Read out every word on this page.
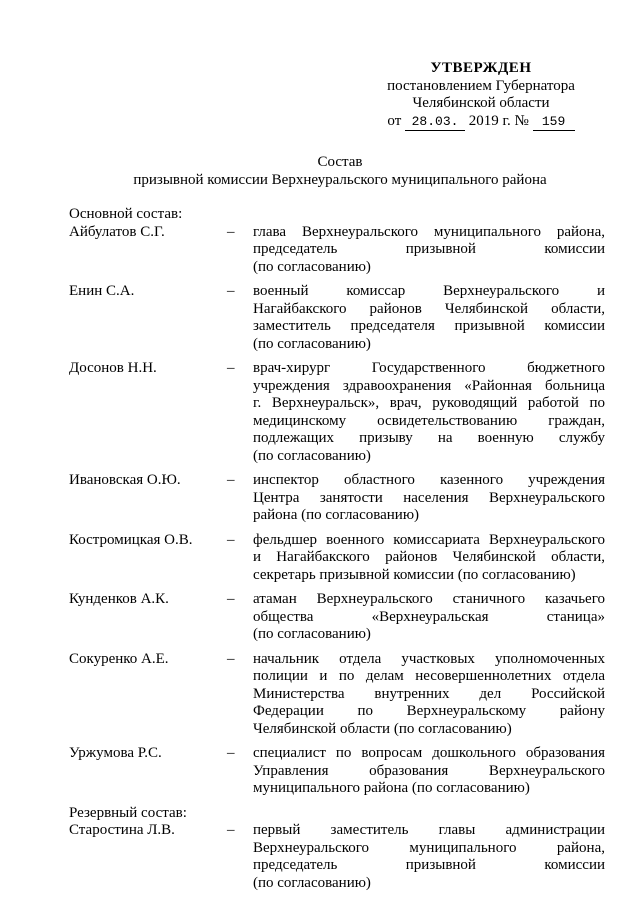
УТВЕРЖДЕН
постановлением Губернатора
Челябинской области
от 28.03. 2019 г. № 159
Состав
призывной комиссии Верхнеуральского муниципального района
Основной состав:
Айбулатов С.Г.	–	глава Верхнеуральского муниципального района,
председатель призывной комиссии
(по согласованию)
Енин С.А.	–	военный комиссар Верхнеуральского и
Нагайбакского районов Челябинской области,
заместитель председателя призывной комиссии
(по согласованию)
Досонов Н.Н.	–	врач-хирург Государственного бюджетного
учреждения здравоохранения «Районная больница
г. Верхнеуральск», врач, руководящий работой по
медицинскому освидетельствованию граждан,
подлежащих призыву на военную службу
(по согласованию)
Ивановская О.Ю.	–	инспектор областного казенного учреждения
Центра занятости населения Верхнеуральского
района (по согласованию)
Костромицкая О.В.	–	фельдшер военного комиссариата Верхнеуральского
и Нагайбакского районов Челябинской области,
секретарь призывной комиссии (по согласованию)
Кунденков А.К.	–	атаман Верхнеуральского станичного казачьего
общества «Верхнеуральская станица»
(по согласованию)
Сокуренко А.Е.	–	начальник отдела участковых уполномоченных
полиции и по делам несовершеннолетних отдела
Министерства внутренних дел Российской
Федерации по Верхнеуральскому району
Челябинской области (по согласованию)
Уржумова Р.С.	–	специалист по вопросам дошкольного образования
Управления образования Верхнеуральского
муниципального района (по согласованию)
Резервный состав:
Старостина Л.В.	–	первый заместитель главы администрации
Верхнеуральского муниципального района,
председатель призывной комиссии
(по согласованию)
